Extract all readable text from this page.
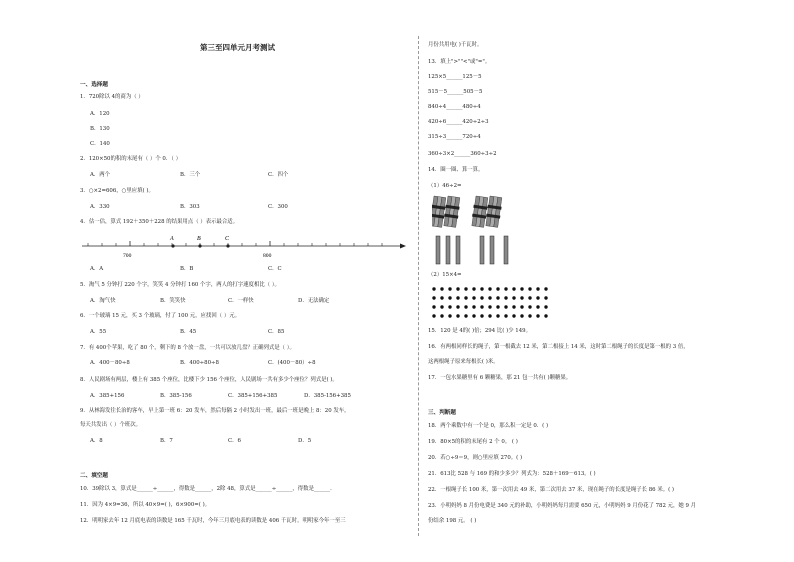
第三至四单元月考测试
一、选择题
1．720除以 4的商为（ ）
A．120
B．130
C．140
2．120×50的积的末尾有（ ）个 0．（ ）
A．两个	B．三个	C．四个
3．○×2=606，○里应填( )。
A．330	B．303	C．300
4．估一估，算式 192＋350＋228 的结果用点（ ）表示最合适。
A	B	C
700	800
A．A	B．B	C．C
5．淘气 5 分钟打 220 个字，笑笑 4 分钟打 160 个字，两人的打字速度相比（ ）。
A．淘气快	B．笑笑快	C．一样快	D．无法确定
6．一个玻璃 15 元，买 3 个玻璃，付了 100 元，应找回（ ）元。
A．55	B．45	C．85
7．有 400个苹果，吃了 80 个，剩下的 8 个放一盘，一共可以放几盘？正确列式是（ ）。
A．400－80÷8	B．400÷80÷8	C．(400－80）÷8
8．人民剧场有两层，楼上有 385 个座位，比楼下少 156 个座位，人民剧场一共有多少个座位？列式是( )。
A．385+156	B．385-156	C．385+156+385	D．385-156+385
9．从林海发往长治的客车，早上第一班 6：20 发车，然后每隔 2 小时发出一班，最后一班是晚上 8：20 发车，
每天共发出（ ）个班次。
A．8	B．7	C．6	D．5
二、填空题
10．39除以 3，算式是______÷______，得数是______，2除 48，算式是______÷______，得数是______．
11．因为 4×9=36，所以 40×9=( )，6×900=( )。
12．明明家去年 12 月底电表的读数是 165 千瓦时，今年三月底电表的读数是 406 千瓦时。明明家今年一至三
月份共用电( )千瓦时。
13．填上">""<"或"="。
125×5______125－5
515－5______505－5
840÷4______480÷4
420÷6______420÷2÷3
315÷3______720÷4
360÷3×2______360÷3÷2
14．圈一圈、算一算。
（1）46÷2=
（2）15×4=
15．120 是 4的( )倍；294 比( )少 149。
16．有两根同样长的绳子，第一根截去 12 米，第二根接上 14 米，这时第二根绳子的长度是第一根的 3 倍，
这两根绳子原来每根长( )米。
17．一包水果糖里有 6 颗糖果，那 21 包一共有( )颗糖果。
三、判断题
18．两个乘数中有一个是 0，那么积一定是 0．( )
19．80×5的积的末尾有 2 个 0。 ( )
20．若○÷9＝9，则○里应填 270。( )
21．613比 528 与 169 的和少多少？列式为：528＋169－613。( )
22．一根绳子长 100 米，第一次用去 49 米，第二次用去 37 米，现在绳子的长度是绳子长 86 米。( )
23．小明妈妈 8 月份电费是 340 元的补助，小明妈妈每月需要 650 元，小明妈妈 9 月份花了 782 元，她 9 月
份结余 198 元。 ( )
